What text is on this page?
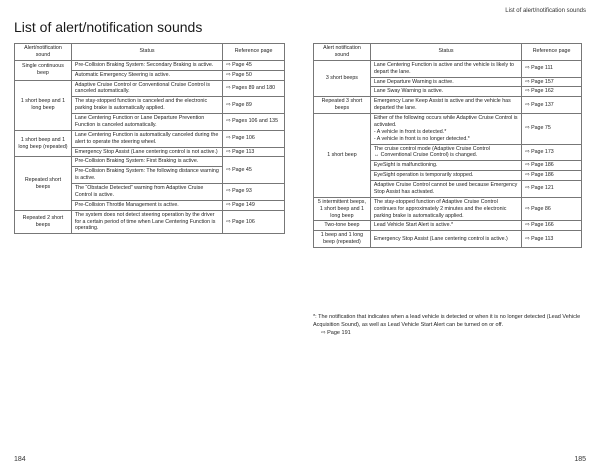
List of alert/notification sounds
List of alert/notification sounds
Alert/notification sound	Status	Reference page
Single continuous beep	Pre-Collision Braking System: Secondary Braking is active.	⇨ Page 45
	Automatic Emergency Steering is active.	⇨ Page 50
1 short beep and 1 long beep	Adaptive Cruise Control or Conventional Cruise Control is canceled automatically.	⇨ Pages 89 and 180
	The stay-stopped function is canceled and the electronic parking brake is automatically applied.	⇨ Page 89
	Lane Centering Function or Lane Departure Prevention Function is canceled automatically.	⇨ Pages 106 and 135
1 short beep and 1 long beep (repeated)	Lane Centering Function is automatically canceled during the alert to operate the steering wheel.	⇨ Page 106
	Emergency Stop Assist (Lane centering control is not active.)	⇨ Page 113
Repeated short beeps	Pre-Collision Braking System: First Braking is active.	⇨ Page 45
	Pre-Collision Braking System: The following distance warning is active.	
	The “Obstacle Detected” warning from Adaptive Cruise Control is active.	⇨ Page 93
	Pre-Collision Throttle Management is active.	⇨ Page 149
Repeated 2 short beeps	The system does not detect steering operation by the driver for a certain period of time when Lane Centering Function is operating.	⇨ Page 106
Alert notification sound	Status	Reference page
3 short beeps	Lane Centering Function is active and the vehicle is likely to depart the lane.	⇨ Page 111
	Lane Departure Warning is active.	⇨ Page 157
	Lane Sway Warning is active.	⇨ Page 162
Repeated 3 short beeps	Emergency Lane Keep Assist is active and the vehicle has departed the lane.	⇨ Page 137
1 short beep	Either of the following occurs while Adaptive Cruise Control is activated.
- A vehicle in front is detected.*
- A vehicle in front is no longer detected.*	⇨ Page 75

	The cruise control mode (Adaptive Cruise Control
↔ Conventional Cruise Control) is changed.	⇨ Page 173
	EyeSight is malfunctioning.	⇨ Page 186
	EyeSight operation is temporarily stopped.	⇨ Page 186
	Adaptive Cruise Control cannot be used because Emergency Stop Assist has activated.	⇨ Page 121
5 intermittent beeps, 1 short beep and 1 long beep	The stay-stopped function of Adaptive Cruise Control continues for approximately 2 minutes and the electronic parking brake is automatically applied.	⇨ Page 86
Two-tone beep	Lead Vehicle Start Alert is active.*	⇨ Page 166
1 beep and 1 long beep (repeated)	Emergency Stop Assist (Lane centering control is active.)	⇨ Page 113
*: The notification that indicates when a lead vehicle is detected or when it is no longer detected (Lead Vehicle Acquisition Sound), as well as Lead Vehicle Start Alert can be turned on or off.
⇨ Page 191
184	185
